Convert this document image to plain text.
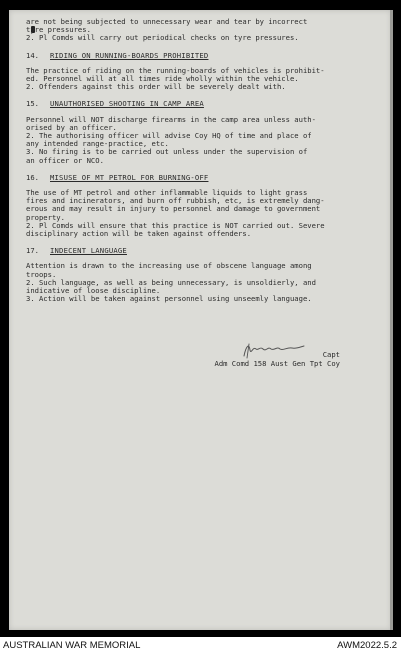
are not being subjected to unnecessary wear and tear by incorrect

tyre pressures.

2. Pl Comds will carry out periodical checks on tyre pressures.

14. RIDING ON RUNNING-BOARDS PROHIBITED

The practice of riding on the running-boards of vehicles is prohibit-

ed. Personnel will at all times ride wholly within the vehicle.

2. Offenders against this order will be severely dealt with.

15. UNAUTHORISED SHOOTING IN CAMP AREA

Personnel will NOT discharge firearms in the camp area unless auth-

orised by an officer.

2. The authorising officer will advise Coy HQ of time and place of

any intended range-practice, etc.

3. No firing is to be carried out unless under the supervision of

an officer or NCO.

16. MISUSE OF MT PETROL FOR BURNING-OFF

The use of MT petrol and other inflammable liquids to light grass

fires and incinerators, and burn off rubbish, etc, is extremely dang-

erous and may result in injury to personnel and damage to government

property.

2. Pl Comds will ensure that this practice is NOT carried out. Severe

disciplinary action will be taken against offenders.

17. INDECENT LANGUAGE

Attention is drawn to the increasing use of obscene language among

troops.

2. Such language, as well as being unnecessary, is unsoldierly, and

indicative of loose discipline.

3. Action will be taken against personnel using unseemly language.

Capt
Adm Comd 158 Aust Gen Tpt Coy
AUSTRALIAN WAR MEMORIAL	AWM2022.5.2
